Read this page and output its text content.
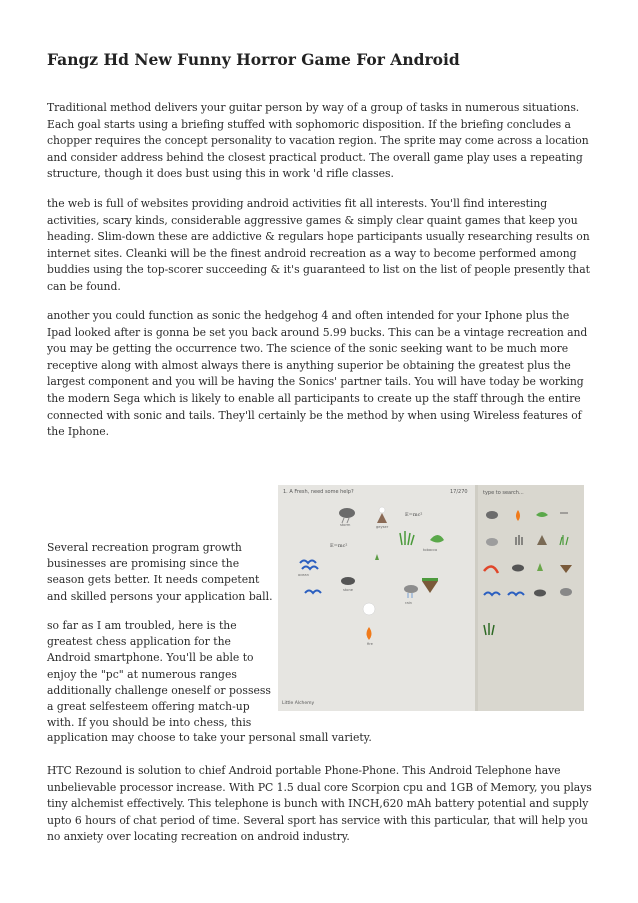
Fangz Hd New Funny Horror Game For Android

Traditional method delivers your guitar person by way of a group of tasks in numerous situations. Each goal starts using a briefing stuffed with sophomoric disposition. If the briefing concludes a chopper requires the concept personality to vacation region. The sprite may come across a location and consider address behind the closest practical product. The overall game play uses a repeating structure, though it does bust using this in work 'd rifle classes.

the web is full of websites providing android activities fit all interests. You'll find interesting activities, scary kinds, considerable aggressive games & simply clear quaint games that keep you heading. Slim-down these are addictive & regulars hope participants usually researching results on internet sites. Cleanki will be the finest android recreation as a way to become performed among buddies using the top-scorer succeeding & it's guaranteed to list on the list of people presently that can be found.

another you could function as sonic the hedgehog 4 and often intended for your Iphone plus the Ipad looked after is gonna be set you back around 5.99 bucks. This can be a vintage recreation and you may be getting the occurrence two. The science of the sonic seeking want to be much more receptive along with almost always there is anything superior be obtaining the greatest plus the largest component and you will be having the Sonics' partner tails. You will have today be working the modern Sega which is likely to enable all participants to create up the staff through the entire connected with sonic and tails. They'll certainly be the method by when using Wireless features of the Iphone.

Several recreation program growth businesses are promising since the season gets better. It needs competent and skilled persons your application ball.

so far as I am troubled, here is the greatest chess application for the Android smartphone. You'll be able to enjoy the "pc" at numerous ranges additionally challenge oneself or possess a great selfesteem offering match-up with. If you should be into chess, this

application may choose to take your personal small variety.
1. A Fresh, need some help?	17/270	type to search...
Little Alchemy
E=mc²
E=mc²
storm	geyser
tobacco
ocean
stone
rain
fire

HTC Rezound is solution to chief Android portable Phone-Phone. This Android Telephone have unbelievable processor increase. With PC 1.5 dual core Scorpion cpu and 1GB of Memory, you plays tiny alchemist effectively. This telephone is bunch with INCH,620 mAh battery potential and supply upto 6 hours of chat period of time. Several sport has service with this particular, that will help you no anxiety over locating recreation on android industry.
